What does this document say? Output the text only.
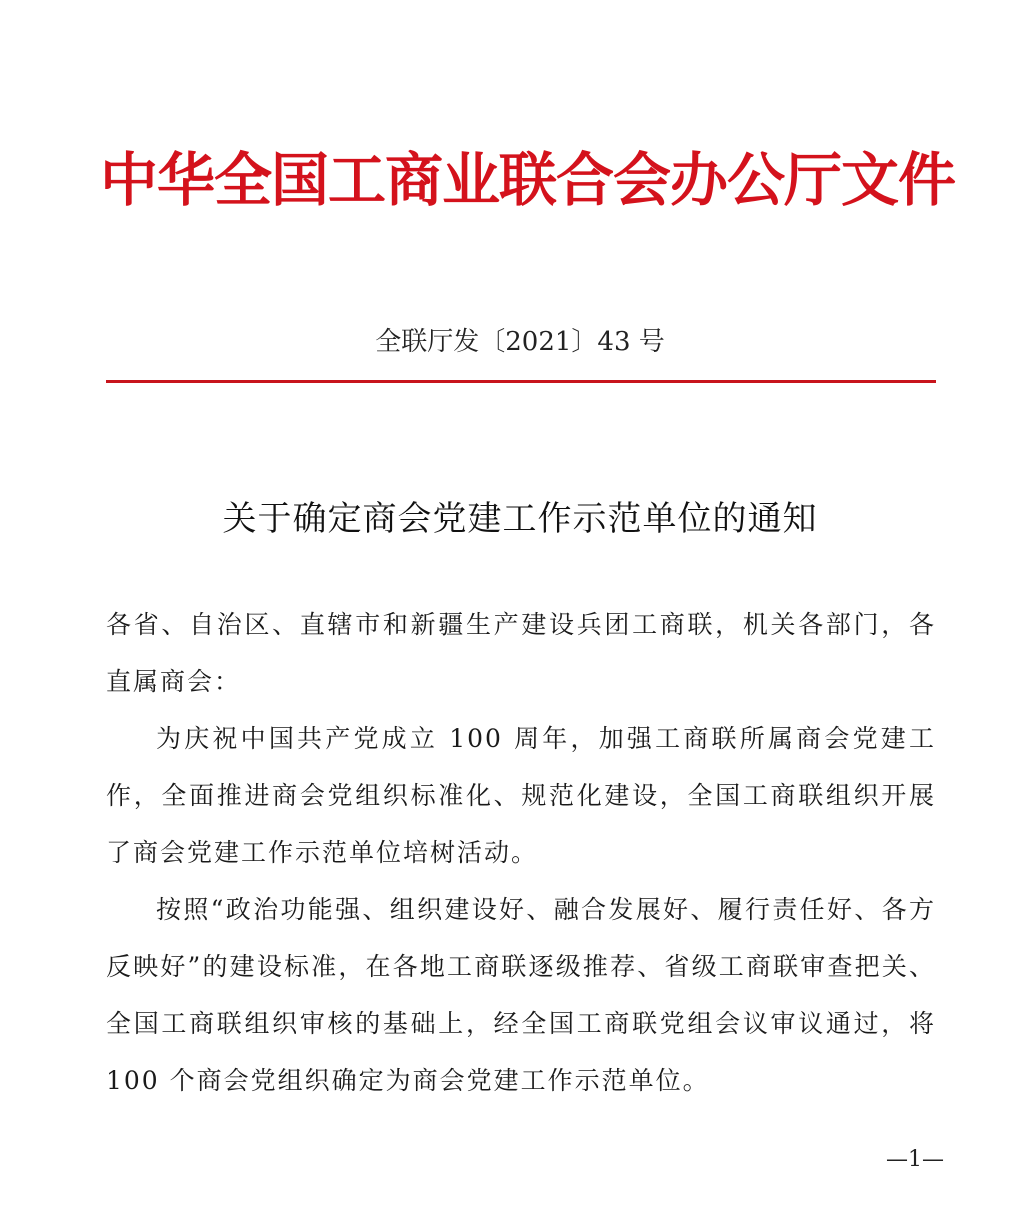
中华全国工商业联合会办公厅文件
全联厅发〔2021〕43 号
关于确定商会党建工作示范单位的通知

各省、自治区、直辖市和新疆生产建设兵团工商联，机关各部门，各直属商会：

为庆祝中国共产党成立 100 周年，加强工商联所属商会党建工作，全面推进商会党组织标准化、规范化建设，全国工商联组织开展了商会党建工作示范单位培树活动。

按照“政治功能强、组织建设好、融合发展好、履行责任好、各方反映好”的建设标准，在各地工商联逐级推荐、省级工商联审查把关、全国工商联组织审核的基础上，经全国工商联党组会议审议通过，将 100 个商会党组织确定为商会党建工作示范单位。

—1—
